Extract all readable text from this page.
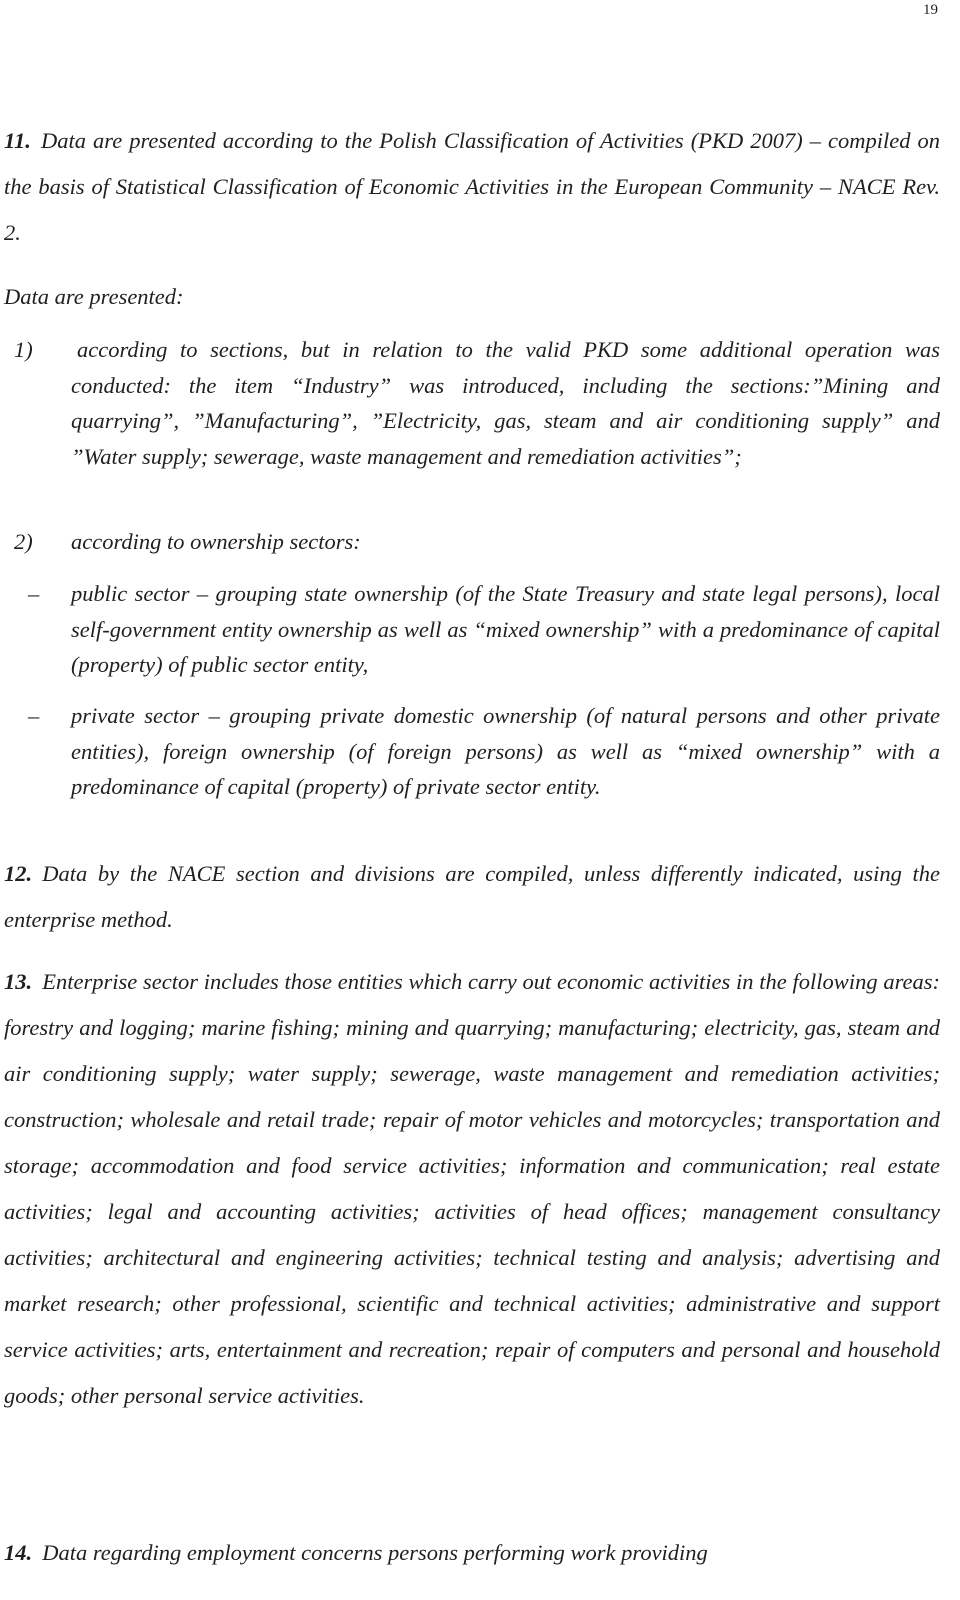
19
11. Data are presented according to the Polish Classification of Activities (PKD 2007) – compiled on the basis of Statistical Classification of Economic Activities in the European Community – NACE Rev. 2.
Data are presented:
1) according to sections, but in relation to the valid PKD some additional operation was conducted: the item “Industry” was introduced, including the sections:”Mining and quarrying”, ”Manufacturing”, ”Electricity, gas, steam and air conditioning supply” and ”Water supply; sewerage, waste management and remediation activities”;
2) according to ownership sectors:
– public sector – grouping state ownership (of the State Treasury and state legal persons), local self-government entity ownership as well as “mixed ownership” with a predominance of capital (property) of public sector entity,
– private sector – grouping private domestic ownership (of natural persons and other private entities), foreign ownership (of foreign persons) as well as “mixed ownership” with a predominance of capital (property) of private sector entity.
12. Data by the NACE section and divisions are compiled, unless differently indicated, using the enterprise method.
13. Enterprise sector includes those entities which carry out economic activities in the following areas: forestry and logging; marine fishing; mining and quarrying; manufacturing; electricity, gas, steam and air conditioning supply; water supply; sewerage, waste management and remediation activities; construction; wholesale and retail trade; repair of motor vehicles and motorcycles; transportation and storage; accommodation and food service activities; information and communication; real estate activities; legal and accounting activities; activities of head offices; management consultancy activities; architectural and engineering activities; technical testing and analysis; advertising and market research; other professional, scientific and technical activities; administrative and support service activities; arts, entertainment and recreation; repair of computers and personal and household goods; other personal service activities.
14. Data regarding employment concerns persons performing work providing
